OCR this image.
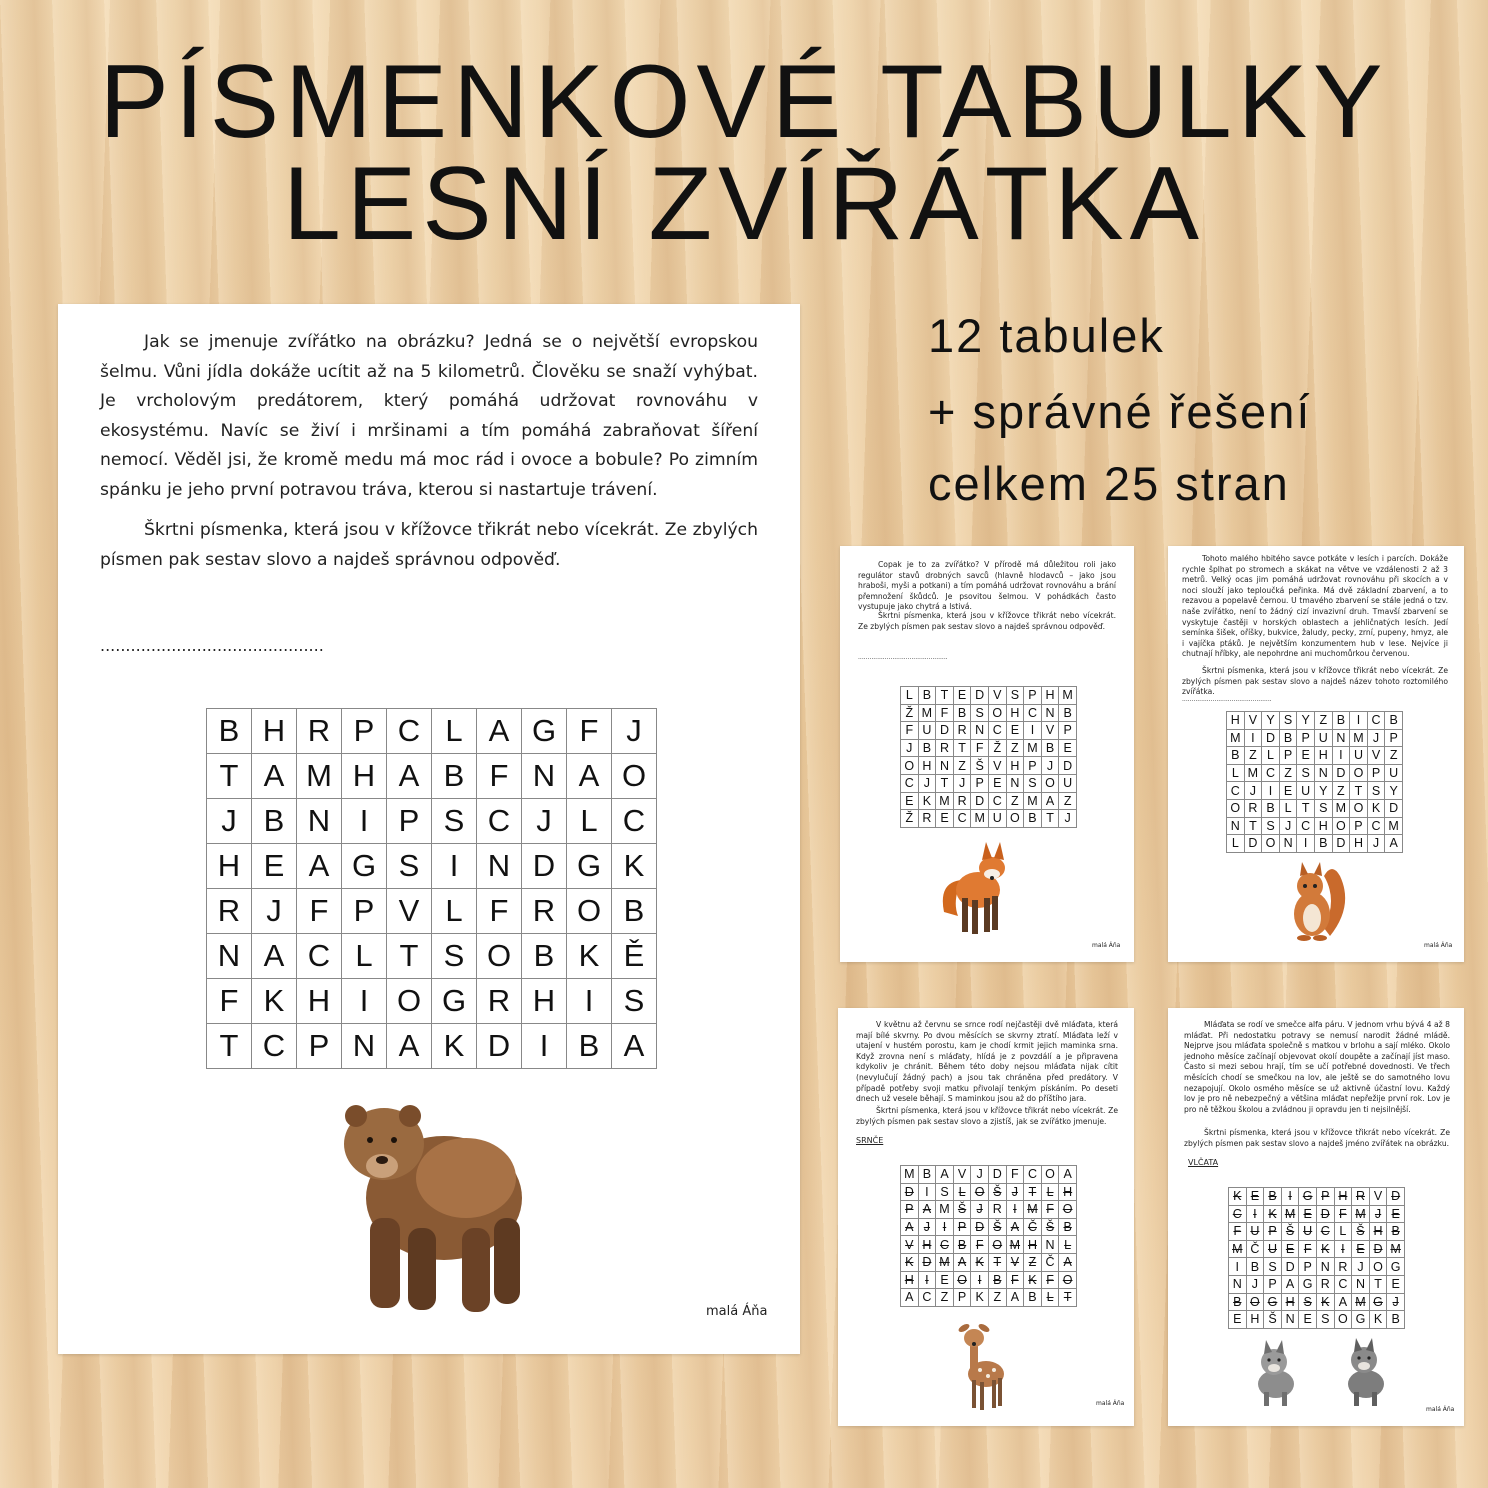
PÍSMENKOVÉ TABULKY
LESNÍ ZVÍŘÁTKA
12 tabulek
+ správné řešení
celkem 25 stran

Jak se jmenuje zvířátko na obrázku? Jedná se o největší evropskou šelmu. Vůni jídla dokáže ucítit až na 5 kilometrů. Člověku se snaží vyhýbat. Je vrcholovým predátorem, který pomáhá udržovat rovnováhu v ekosystému. Navíc se živí i mršinami a tím pomáhá zabraňovat šíření nemocí. Věděl jsi, že kromě medu má moc rád i ovoce a bobule? Po zimním spánku je jeho první potravou tráva, kterou si nastartuje trávení.

Škrtni písmenka, která jsou v křížovce třikrát nebo vícekrát. Ze zbylých písmen pak sestav slovo a najdeš správnou odpověď.

............................................
B	H	R	P	C	L	A	G	F	J
T	A	M	H	A	B	F	N	A	O
J	B	N	I	P	S	C	J	L	C
H	E	A	G	S	I	N	D	G	K
R	J	F	P	V	L	F	R	O	B
N	A	C	L	T	S	O	B	K	Ě
F	K	H	I	O	G	R	H	I	S
T	C	P	N	A	K	D	I	B	A
malá Áňa

Copak je to za zvířátko? V přírodě má důležitou roli jako regulátor stavů drobných savců (hlavně hlodavců – jako jsou hraboši, myši a potkani) a tím pomáhá udržovat rovnováhu a brání přemnožení škůdců. Je psovitou šelmou. V pohádkách často vystupuje jako chytrá a lstivá.

Škrtni písmenka, která jsou v křížovce třikrát nebo vícekrát. Ze zbylých písmen pak sestav slovo a najdeš správnou odpověď.

...............................................
L	B	T	E	D	V	S	P	H	M
Ž	M	F	B	S	O	H	C	N	B
F	U	D	R	N	C	E	I	V	P
J	B	R	T	F	Ž	Z	M	B	E
O	H	N	Z	Š	V	H	P	J	D
C	J	T	J	P	E	N	S	O	U
E	K	M	R	D	C	Z	M	A	Z
Ž	R	E	C	M	U	O	B	T	J
malá Áňa

Tohoto malého hbitého savce potkáte v lesích i parcích. Dokáže rychle šplhat po stromech a skákat na větve ve vzdálenosti 2 až 3 metrů. Velký ocas jim pomáhá udržovat rovnováhu při skocích a v noci slouží jako teploučká peřinka. Má dvě základní zbarvení, a to rezavou a popelavě černou. U tmavého zbarvení se stále jedná o tzv. naše zvířátko, není to žádný cizí invazivní druh. Tmavší zbarvení se vyskytuje častěji v horských oblastech a jehličnatých lesích. Jedí semínka šišek, oříšky, bukvice, žaludy, pecky, zrní, pupeny, hmyz, ale i vajíčka ptáků. Je největším konzumentem hub v lese. Nejvíce ji chutnají hříbky, ale nepohrdne ani muchomůrkou červenou.

Škrtni písmenka, která jsou v křížovce třikrát nebo vícekrát. Ze zbylých písmen pak sestav slovo a najdeš název tohoto roztomilého zvířátka.

...............................................
H	V	Y	S	Y	Z	B	I	C	B
M	I	D	B	P	U	N	M	J	P
B	Z	L	P	E	H	I	U	V	Z
L	M	C	Z	S	N	D	O	P	U
C	J	I	E	U	Y	Z	T	S	Y
O	R	B	L	T	S	M	O	K	D
N	T	S	J	C	H	O	P	C	M
L	D	O	N	I	B	D	H	J	A
malá Áňa

V květnu až červnu se srnce rodí nejčastěji dvě mláďata, která mají bílé skvrny. Po dvou měsících se skvrny ztratí. Mláďata leží v utajení v hustém porostu, kam je chodí krmit jejich maminka srna. Když zrovna není s mláďaty, hlídá je z povzdálí a je připravena kdykoliv je chránit. Během této doby nejsou mláďata nijak cítit (nevylučují žádný pach) a jsou tak chráněna před predátory. V případě potřeby svoji matku přivolají tenkým pískáním. Po deseti dnech už vesele běhají. S maminkou jsou až do příštího jara.

Škrtni písmenka, která jsou v křížovce třikrát nebo vícekrát. Ze zbylých písmen pak sestav slovo a zjistíš, jak se zvířátko jmenuje.

SRNČE
M	B	A	V	J	D	F	C	O	A
D	I	S	L	O	Š	J	T	L	H
P	A	M	Š	J	R	I	M	F	O
A	J	I	P	D	Š	A	Č	Š	B
V	H	C	B	F	O	M	H	N	L
K	D	M	A	K	T	V	Z	Č	A
H	I	E	O	I	B	F	K	F	O
A	C	Z	P	K	Z	A	B	L	T
malá Áňa

Mláďata se rodí ve smečce alfa páru. V jednom vrhu bývá 4 až 8 mláďat. Při nedostatku potravy se nemusí narodit žádné mládě. Nejprve jsou mláďata společně s matkou v brlohu a sají mléko. Okolo jednoho měsíce začínají objevovat okolí doupěte a začínají jíst maso. Často si mezi sebou hrají, tím se učí potřebné dovednosti. Ve třech měsících chodí se smečkou na lov, ale ještě se do samotného lovu nezapojují. Okolo osmého měsíce se už aktivně účastní lovu. Každý lov je pro ně nebezpečný a většina mláďat nepřežije první rok. Lov je pro ně těžkou školou a zvládnou ji opravdu jen ti nejsilnější.

Škrtni písmenka, která jsou v křížovce třikrát nebo vícekrát. Ze zbylých písmen pak sestav slovo a najdeš jméno zvířátek na obrázku.

VLČATA
K	E	B	I	G	P	H	R	V	D
C	I	K	M	E	D	F	M	J	E
F	U	P	Š	U	C	L	Š	H	B
M	Č	U	E	F	K	I	E	D	M
I	B	S	D	P	N	R	J	O	G
N	J	P	A	G	R	C	N	T	E
B	O	G	H	S	K	A	M	G	J
E	H	Š	N	E	S	O	G	K	B
malá Áňa
